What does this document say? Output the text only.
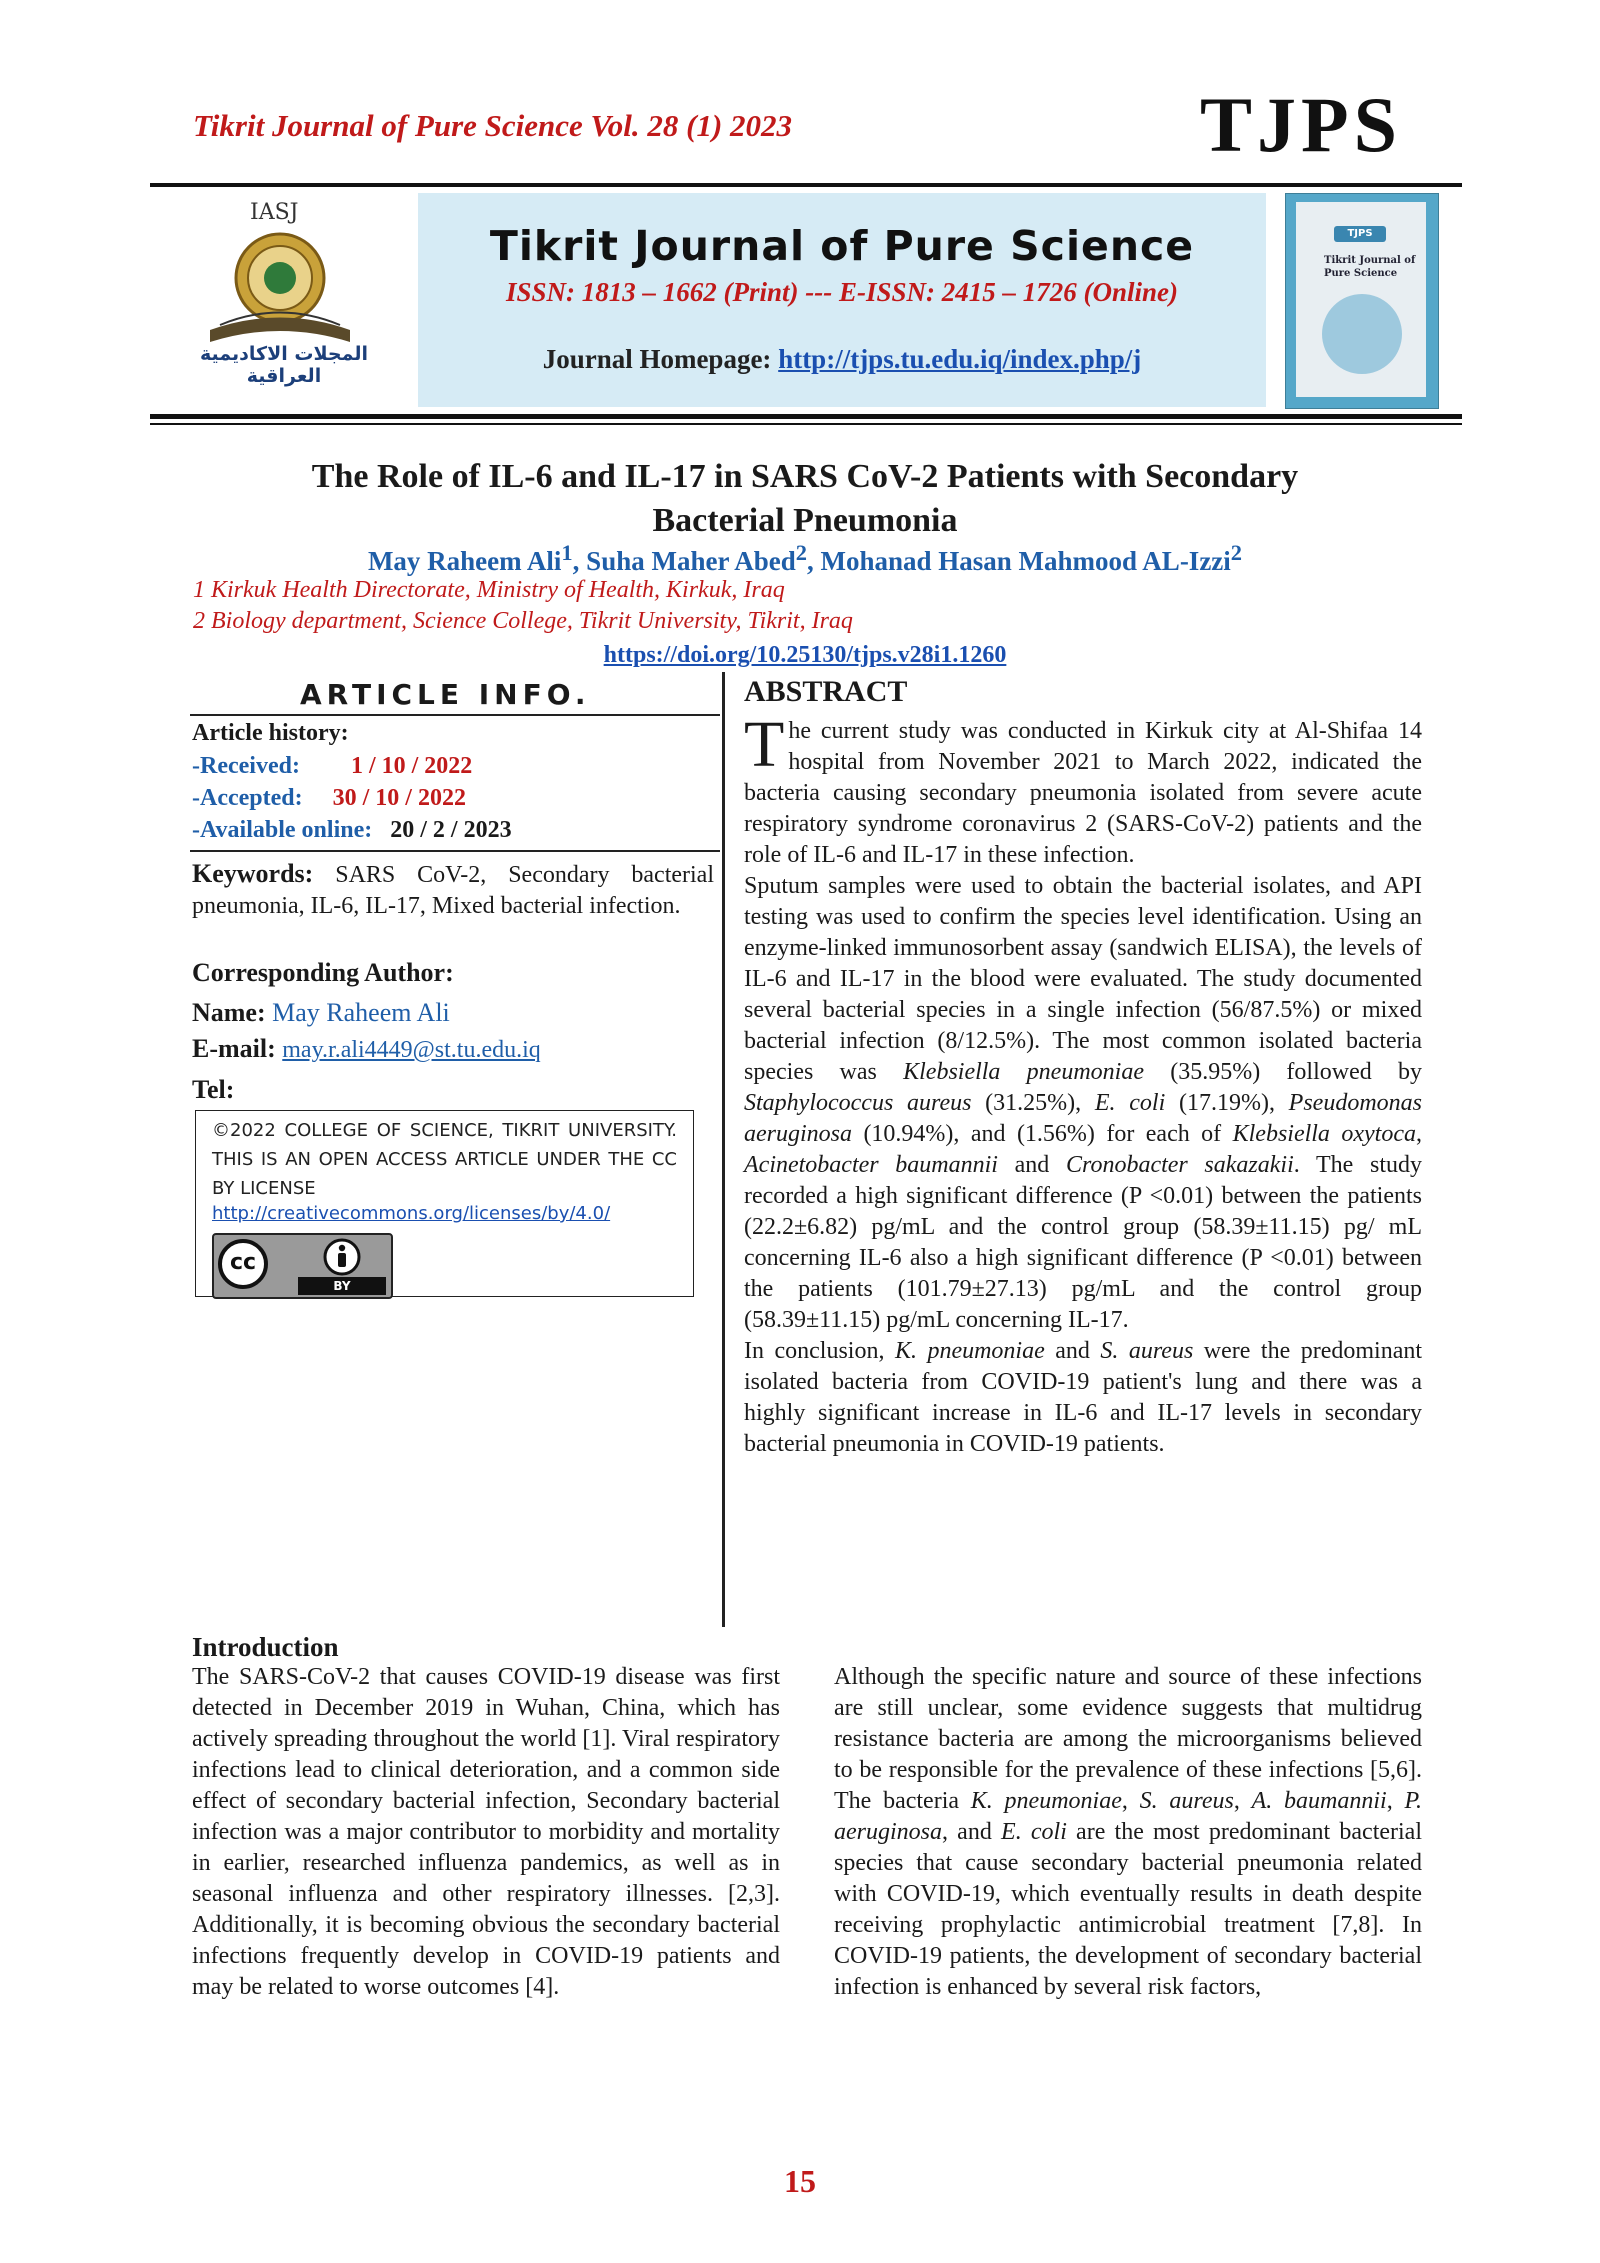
Tikrit Journal of Pure Science Vol. 28 (1) 2023	TJPS
IASJ
المجلات الاكاديمية العراقية
Tikrit Journal of Pure Science
ISSN: 1813 – 1662 (Print) --- E-ISSN: 2415 – 1726 (Online)
Journal Homepage: http://tjps.tu.edu.iq/index.php/j
TJPS
Tikrit Journal of Pure Science
The Role of IL-6 and IL-17 in SARS CoV-2 Patients with Secondary
Bacterial Pneumonia
May Raheem Ali$^1$, Suha Maher Abed$^2$, Mohanad Hasan Mahmood AL-Izzi$^2$
1 Kirkuk Health Directorate, Ministry of Health, Kirkuk, Iraq
2 Biology department, Science College, Tikrit University, Tikrit, Iraq
https://doi.org/10.25130/tjps.v28i1.1260
ARTICLE INFO.
Article history:
-Received: 1 / 10 / 2022
-Accepted: 30 / 10 / 2022
-Available online: 20 / 2 / 2023
Keywords: SARS CoV-2, Secondary bacterial pneumonia, IL-6, IL-17, Mixed bacterial infection.
Corresponding Author:
Name: May Raheem Ali
E-mail: may.r.ali4449@st.tu.edu.iq
Tel:
©2022 COLLEGE OF SCIENCE, TIKRIT UNIVERSITY. THIS IS AN OPEN ACCESS ARTICLE UNDER THE CC BY LICENSE
http://creativecommons.org/licenses/by/4.0/
cc
BY
ABSTRACT

The current study was conducted in Kirkuk city at Al-Shifaa 14 hospital from November 2021 to March 2022, indicated the bacteria causing secondary pneumonia isolated from severe acute respiratory syndrome coronavirus 2 (SARS-CoV-2) patients and the role of IL-6 and IL-17 in these infection.

Sputum samples were used to obtain the bacterial isolates, and API testing was used to confirm the species level identification. Using an enzyme-linked immunosorbent assay (sandwich ELISA), the levels of IL-6 and IL-17 in the blood were evaluated. The study documented several bacterial species in a single infection (56/87.5%) or mixed bacterial infection (8/12.5%). The most common isolated bacteria species was Klebsiella pneumoniae (35.95%) followed by Staphylococcus aureus (31.25%), E. coli (17.19%), Pseudomonas aeruginosa (10.94%), and (1.56%) for each of Klebsiella oxytoca, Acinetobacter baumannii and Cronobacter sakazakii. The study recorded a high significant difference (P <0.01) between the patients (22.2±6.82) pg/mL and the control group (58.39±11.15) pg/ mL concerning IL-6 also a high significant difference (P <0.01) between the patients (101.79±27.13) pg/mL and the control group (58.39±11.15) pg/mL concerning IL-17.

In conclusion, K. pneumoniae and S. aureus were the predominant isolated bacteria from COVID-19 patient's lung and there was a highly significant increase in IL-6 and IL-17 levels in secondary bacterial pneumonia in COVID-19 patients.

Introduction
The SARS-CoV-2 that causes COVID-19 disease was first detected in December 2019 in Wuhan, China, which has actively spreading throughout the world [1]. Viral respiratory infections lead to clinical deterioration, and a common side effect of secondary bacterial infection, Secondary bacterial infection was a major contributor to morbidity and mortality in earlier, researched influenza pandemics, as well as in seasonal influenza and other respiratory illnesses. [2,3]. Additionally, it is becoming obvious the secondary bacterial infections frequently develop in COVID-19 patients and may be related to worse outcomes [4].
Although the specific nature and source of these infections are still unclear, some evidence suggests that multidrug resistance bacteria are among the microorganisms believed to be responsible for the prevalence of these infections [5,6]. The bacteria K. pneumoniae, S. aureus, A. baumannii, P. aeruginosa, and E. coli are the most predominant bacterial species that cause secondary bacterial pneumonia related with COVID-19, which eventually results in death despite receiving prophylactic antimicrobial treatment [7,8]. In COVID-19 patients, the development of secondary bacterial infection is enhanced by several risk factors,
15
